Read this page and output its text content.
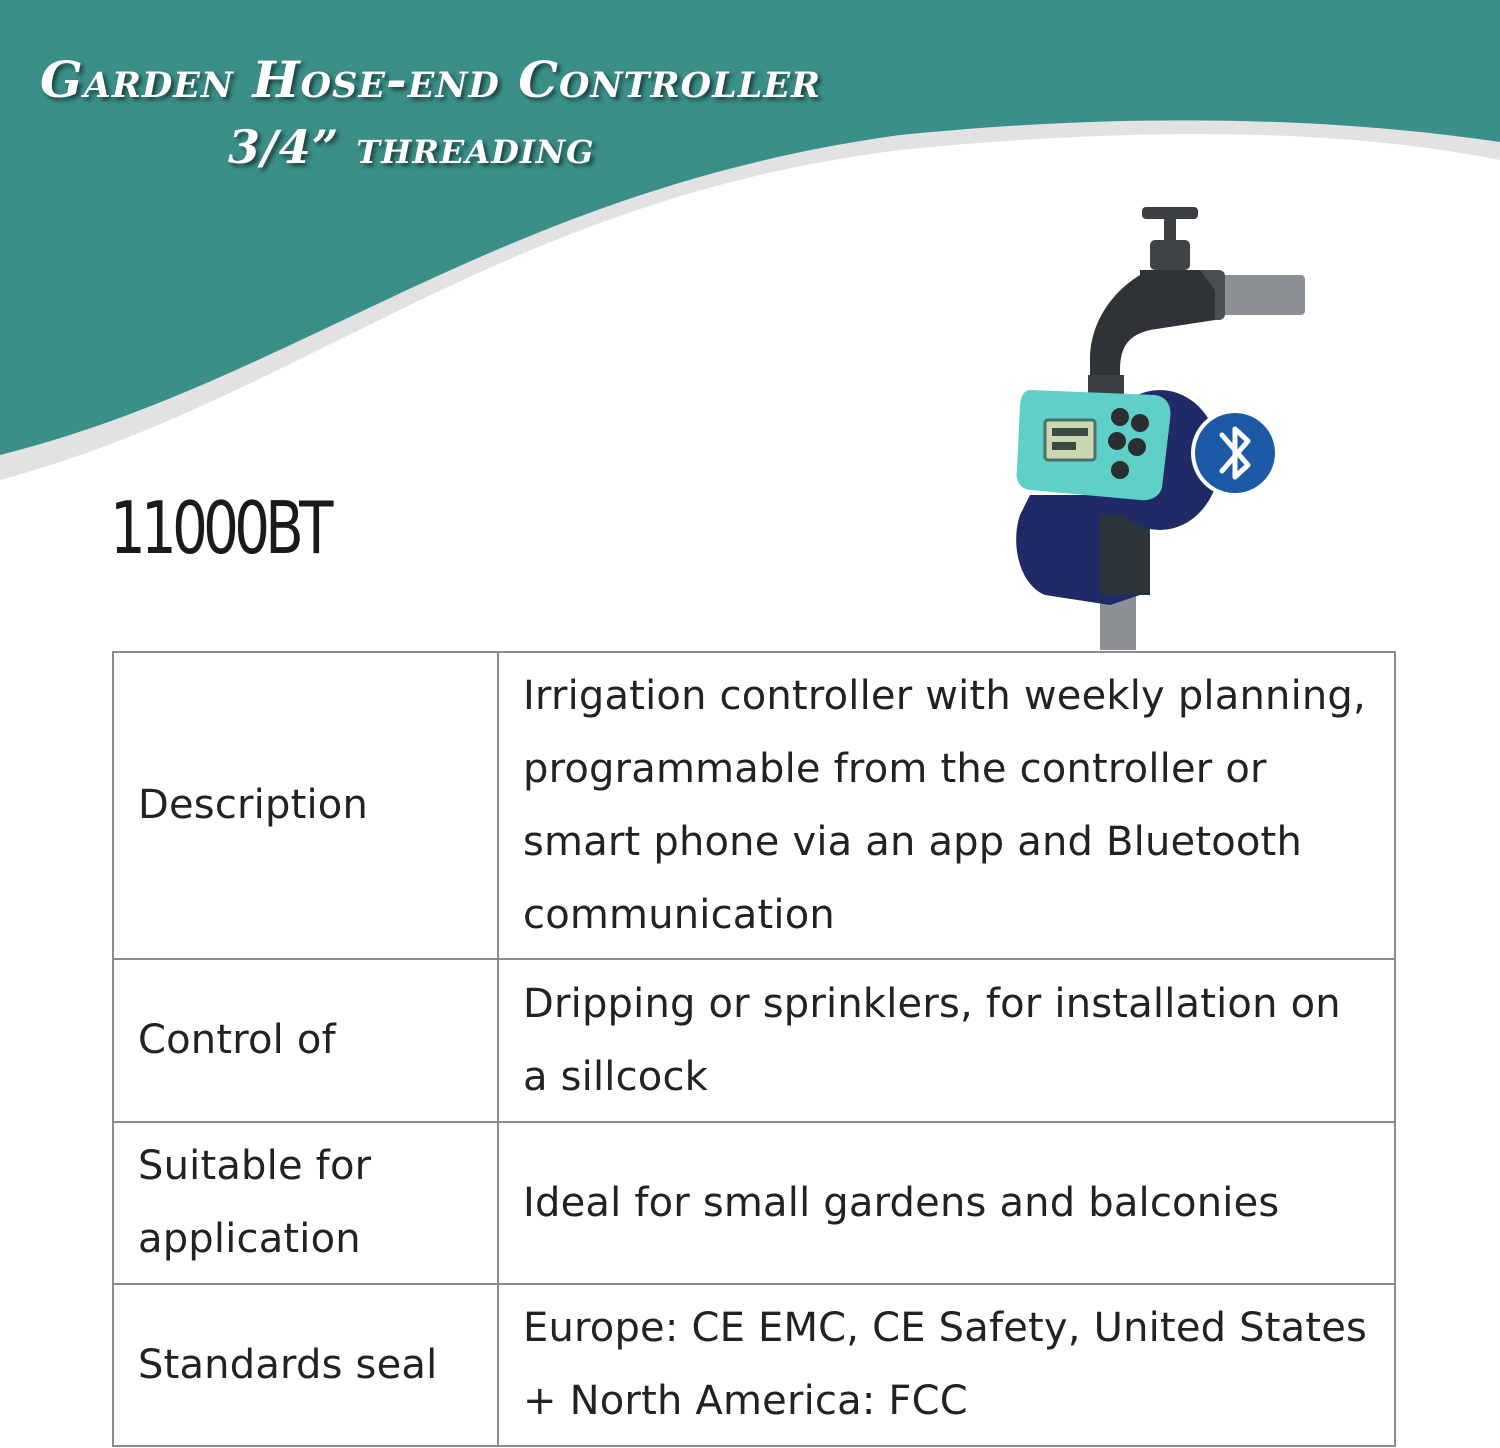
Garden Hose-end Controller
3/4” threading
11000BT
Description	Irrigation controller with weekly planning, programmable from the controller or smart phone via an app and Bluetooth communication
Control of	Dripping or sprinklers, for installation on a sillcock
Suitable for application	Ideal for small gardens and balconies
Standards seal	Europe: CE EMC, CE Safety, United States + North America: FCC
